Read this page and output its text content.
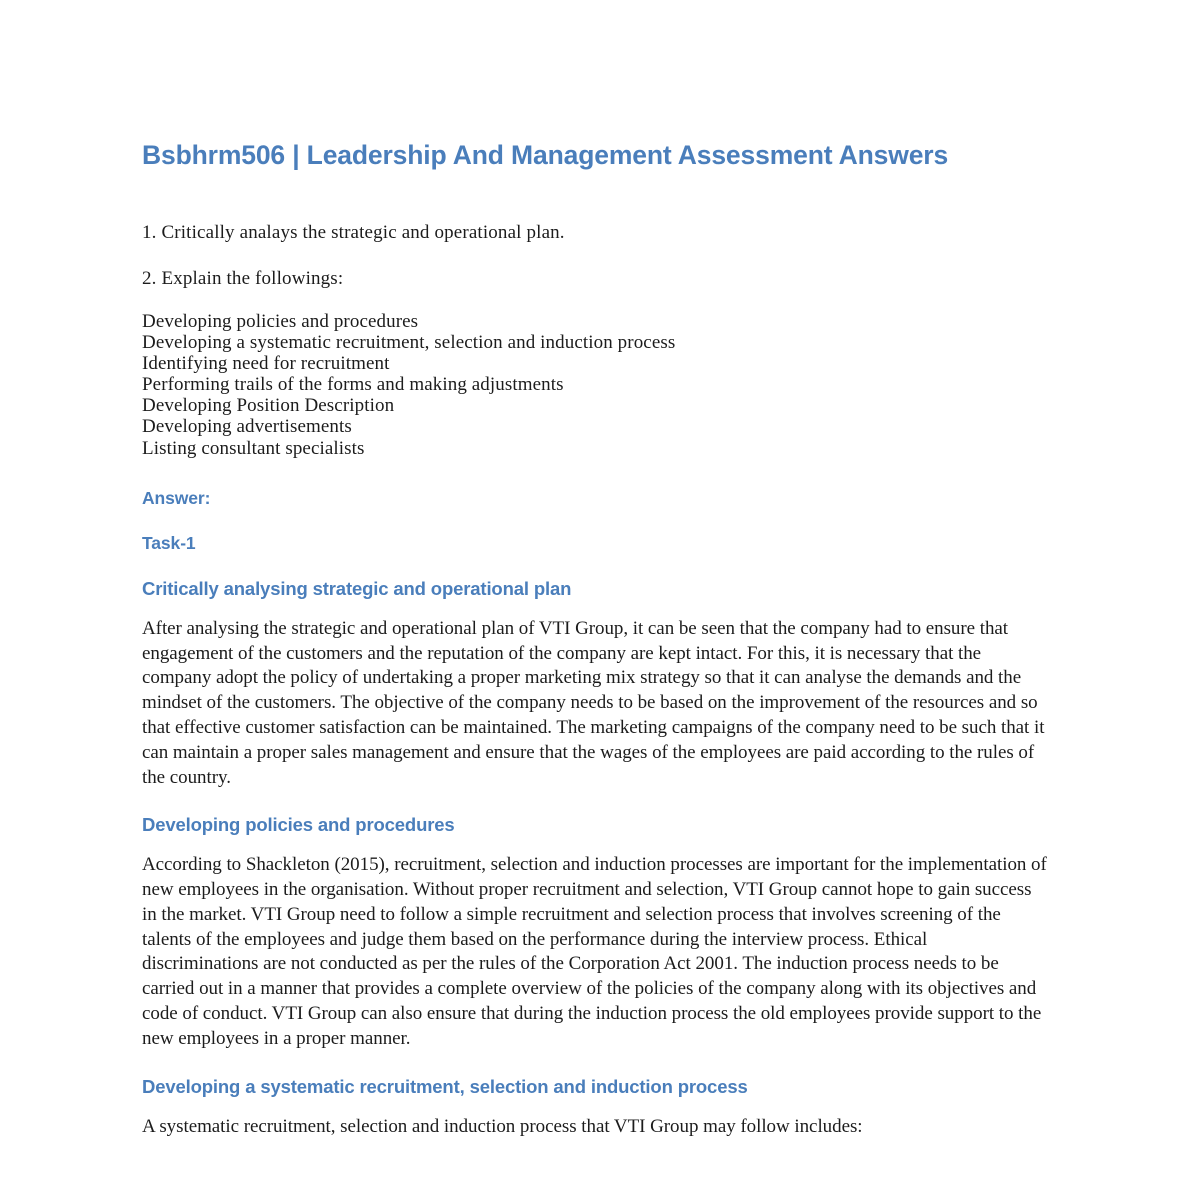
Bsbhrm506 | Leadership And Management Assessment Answers

1. Critically analays the strategic and operational plan.

2. Explain the followings:

Developing policies and procedures
Developing a systematic recruitment, selection and induction process
Identifying need for recruitment
Performing trails of the forms and making adjustments
Developing Position Description
Developing advertisements
Listing consultant specialists
Answer:
Task-1
Critically analysing strategic and operational plan

After analysing the strategic and operational plan of VTI Group, it can be seen that the company had to ensure that engagement of the customers and the reputation of the company are kept intact. For this, it is necessary that the company adopt the policy of undertaking a proper marketing mix strategy so that it can analyse the demands and the mindset of the customers. The objective of the company needs to be based on the improvement of the resources and so that effective customer satisfaction can be maintained. The marketing campaigns of the company need to be such that it can maintain a proper sales management and ensure that the wages of the employees are paid according to the rules of the country.

Developing policies and procedures

According to Shackleton (2015), recruitment, selection and induction processes are important for the implementation of new employees in the organisation. Without proper recruitment and selection, VTI Group cannot hope to gain success in the market. VTI Group need to follow a simple recruitment and selection process that involves screening of the talents of the employees and judge them based on the performance during the interview process. Ethical discriminations are not conducted as per the rules of the Corporation Act 2001. The induction process needs to be carried out in a manner that provides a complete overview of the policies of the company along with its objectives and code of conduct. VTI Group can also ensure that during the induction process the old employees provide support to the new employees in a proper manner.

Developing a systematic recruitment, selection and induction process

A systematic recruitment, selection and induction process that VTI Group may follow includes:
